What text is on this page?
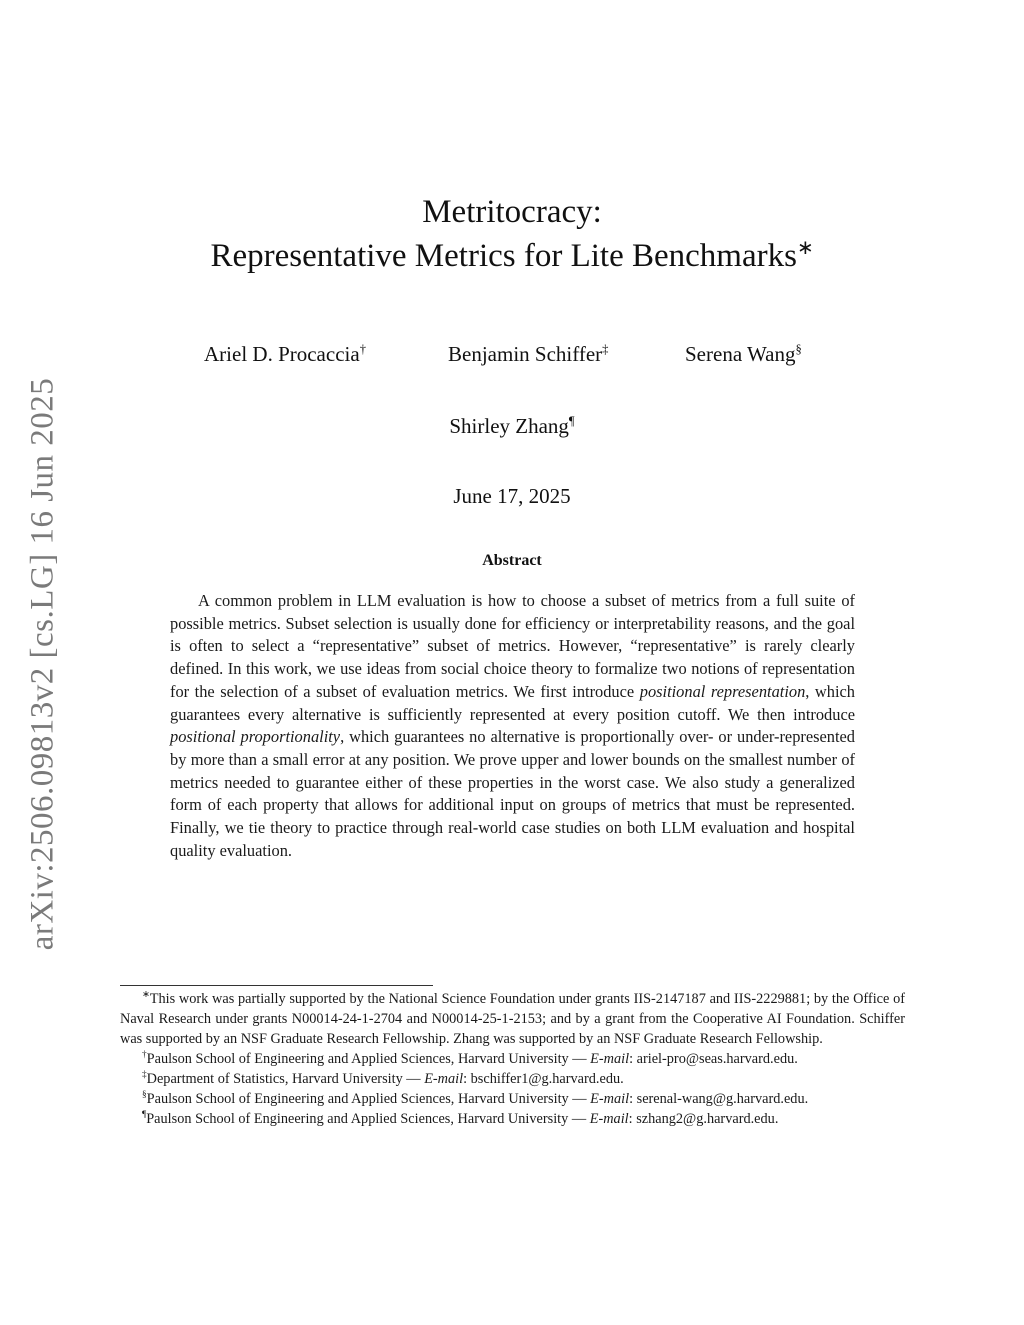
arXiv:2506.09813v2 [cs.LG] 16 Jun 2025
Metritocracy:
Representative Metrics for Lite Benchmarks∗
Ariel D. Procaccia†	Benjamin Schiffer‡	Serena Wang§
Shirley Zhang¶
June 17, 2025
Abstract

A common problem in LLM evaluation is how to choose a subset of metrics from a full suite of possible metrics. Subset selection is usually done for efficiency or interpretability reasons, and the goal is often to select a “representative” subset of metrics. However, “representative” is rarely clearly defined. In this work, we use ideas from social choice theory to formalize two notions of representation for the selection of a subset of evaluation metrics. We first introduce positional representation, which guarantees every alternative is sufficiently represented at every position cutoff. We then introduce positional proportionality, which guarantees no alternative is proportionally over- or under-represented by more than a small error at any position. We prove upper and lower bounds on the smallest number of metrics needed to guarantee either of these properties in the worst case. We also study a generalized form of each property that allows for additional input on groups of metrics that must be represented. Finally, we tie theory to practice through real-world case studies on both LLM evaluation and hospital quality evaluation.

∗This work was partially supported by the National Science Foundation under grants IIS-2147187 and IIS-2229881; by the Office of Naval Research under grants N00014-24-1-2704 and N00014-25-1-2153; and by a grant from the Cooperative AI Foundation. Schiffer was supported by an NSF Graduate Research Fellowship. Zhang was supported by an NSF Graduate Research Fellowship.

†Paulson School of Engineering and Applied Sciences, Harvard University — E-mail: ariel-pro@seas.harvard.edu.

‡Department of Statistics, Harvard University — E-mail: bschiffer1@g.harvard.edu.

§Paulson School of Engineering and Applied Sciences, Harvard University — E-mail: serenal-wang@g.harvard.edu.

¶Paulson School of Engineering and Applied Sciences, Harvard University — E-mail: szhang2@g.harvard.edu.
